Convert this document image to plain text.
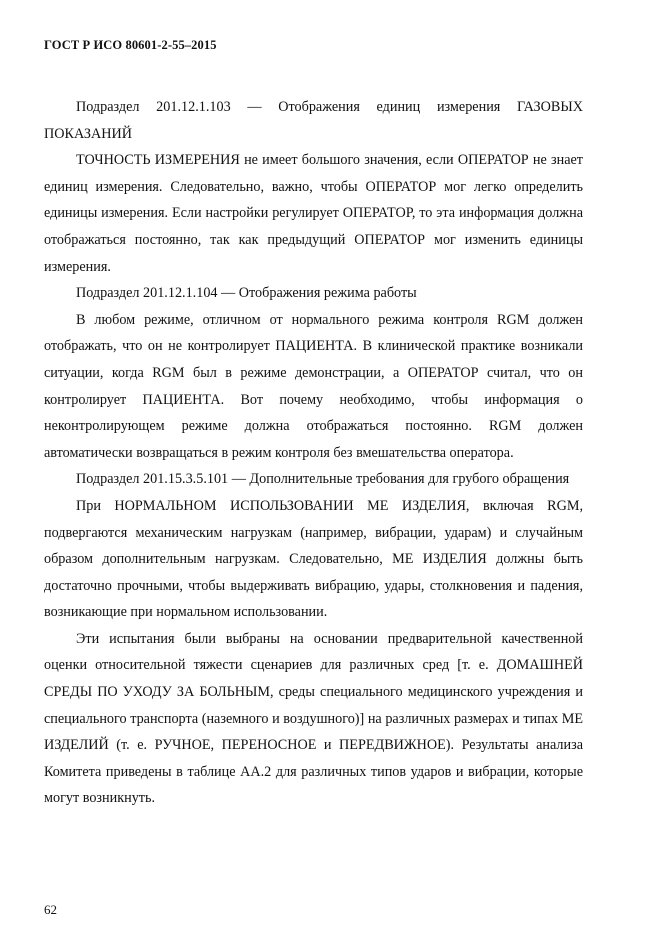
ГОСТ Р ИСО 80601-2-55–2015

Подраздел 201.12.1.103 — Отображения единиц измерения ГАЗОВЫХ ПОКАЗАНИЙ

ТОЧНОСТЬ ИЗМЕРЕНИЯ не имеет большого значения, если ОПЕРАТОР не знает единиц измерения. Следовательно, важно, чтобы ОПЕРАТОР мог легко определить единицы измерения. Если настройки регулирует ОПЕРАТОР, то эта информация должна отображаться постоянно, так как предыдущий ОПЕРАТОР мог изменить единицы измерения.

Подраздел 201.12.1.104 — Отображения режима работы

В любом режиме, отличном от нормального режима контроля RGM должен отображать, что он не контролирует ПАЦИЕНТА. В клинической практике возникали ситуации, когда RGM был в режиме демонстрации, а ОПЕРАТОР считал, что он контролирует ПАЦИЕНТА. Вот почему необходимо, чтобы информация о неконтролирующем режиме должна отображаться постоянно. RGM должен автоматически возвращаться в режим контроля без вмешательства оператора.

Подраздел 201.15.3.5.101 — Дополнительные требования для грубого обращения

При НОРМАЛЬНОМ ИСПОЛЬЗОВАНИИ МЕ ИЗДЕЛИЯ, включая RGM, подвергаются механическим нагрузкам (например, вибрации, ударам) и случайным образом дополнительным нагрузкам. Следовательно, МЕ ИЗДЕЛИЯ должны быть достаточно прочными, чтобы выдерживать вибрацию, удары, столкновения и падения, возникающие при нормальном использовании.

Эти испытания были выбраны на основании предварительной качественной оценки относительной тяжести сценариев для различных сред [т. е. ДОМАШНЕЙ СРЕДЫ ПО УХОДУ ЗА БОЛЬНЫМ, среды специального медицинского учреждения и специального транспорта (наземного и воздушного)] на различных размерах и типах МЕ ИЗДЕЛИЙ (т. е. РУЧНОЕ, ПЕРЕНОСНОЕ и ПЕРЕДВИЖНОЕ). Результаты анализа Комитета приведены в таблице АА.2 для различных типов ударов и вибрации, которые могут возникнуть.

62
